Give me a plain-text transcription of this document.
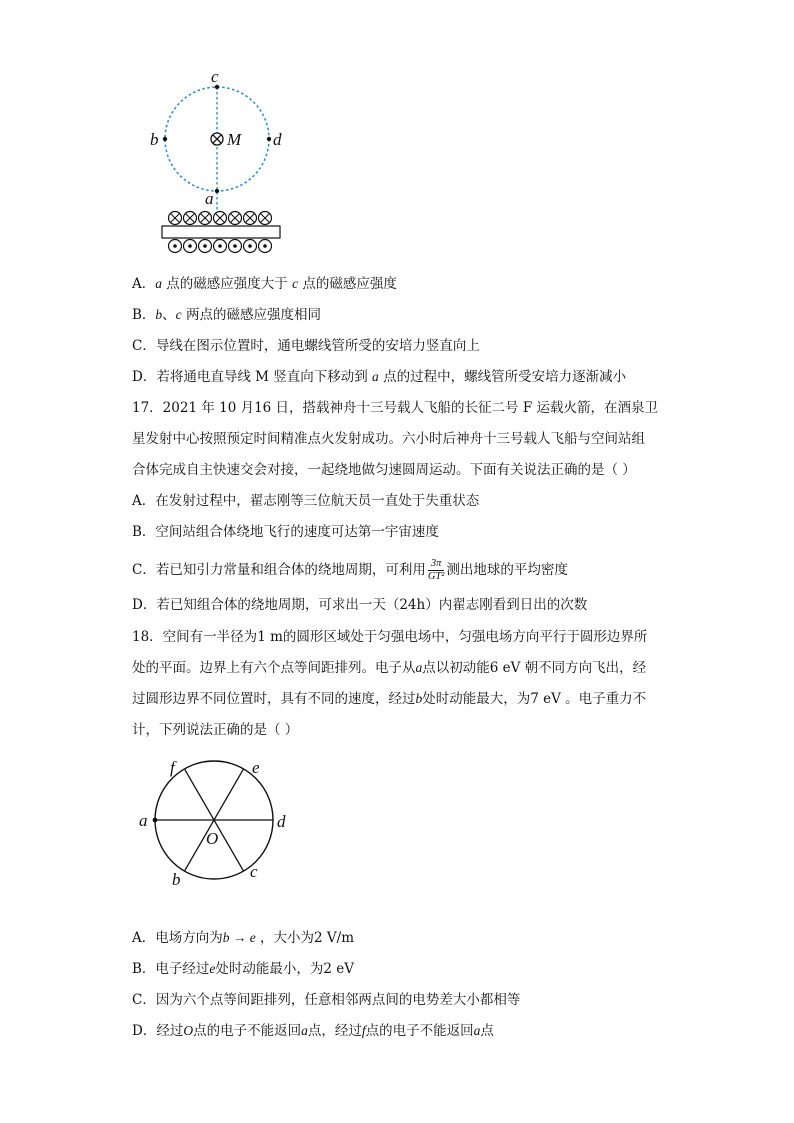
c
b	d
M
a
A．a 点的磁感应强度大于 c 点的磁感应强度
B．b、c 两点的磁感应强度相同
C．导线在图示位置时，通电螺线管所受的安培力竖直向上
D．若将通电直导线 M 竖直向下移动到 a 点的过程中，螺线管所受安培力逐渐减小
17．2021 年 10 月16 日，搭载神舟十三号载人飞船的长征二号 F 运载火箭，在酒泉卫
星发射中心按照预定时间精准点火发射成功。六小时后神舟十三号载人飞船与空间站组
合体完成自主快速交会对接，一起绕地做匀速圆周运动。下面有关说法正确的是（ ）
A．在发射过程中，翟志刚等三位航天员一直处于失重状态
B．空间站组合体绕地飞行的速度可达第一宇宙速度
C．若已知引力常量和组合体的绕地周期，可利用 $\frac{3\pi}{\text{GT²}}$ 测出地球的平均密度
D．若已知组合体的绕地周期，可求出一天（24h）内翟志刚看到日出的次数
18．空间有一半径为1 m的圆形区域处于匀强电场中，匀强电场方向平行于圆形边界所
处的平面。边界上有六个点等间距排列。电子从a点以初动能6 eV 朝不同方向飞出，经
过圆形边界不同位置时，具有不同的速度，经过b处时动能最大，为7 eV 。电子重力不
计，下列说法正确的是（ ）
a	d
f	e
b	c
O
A．电场方向为b → e ，大小为2 V/m
B．电子经过e处时动能最小，为2 eV
C．因为六个点等间距排列，任意相邻两点间的电势差大小都相等
D．经过O点的电子不能返回a点，经过f点的电子不能返回a点
